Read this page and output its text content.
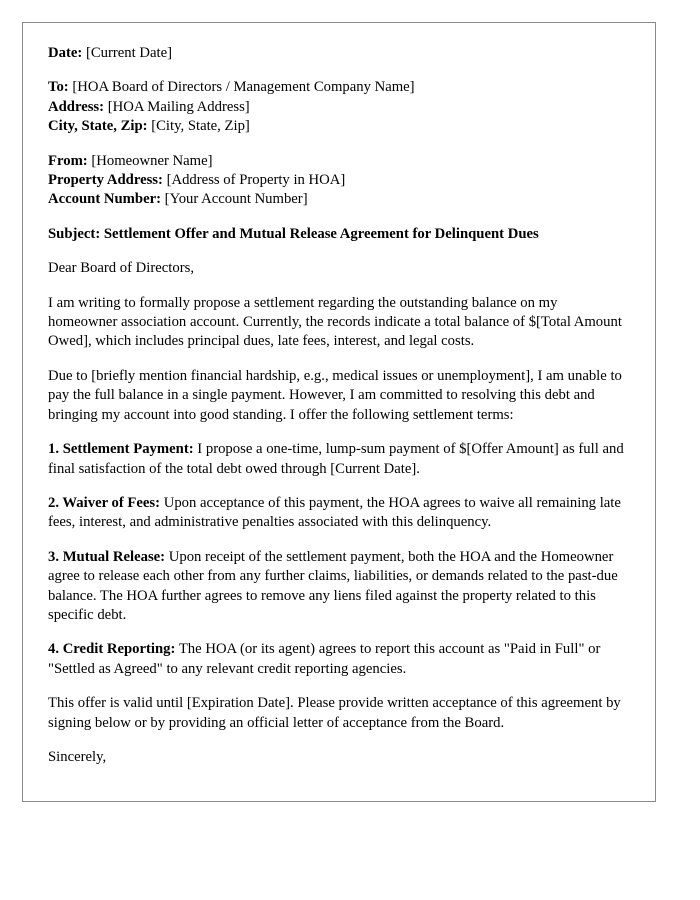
Date: [Current Date]
To: [HOA Board of Directors / Management Company Name]
Address: [HOA Mailing Address]
City, State, Zip: [City, State, Zip]
From: [Homeowner Name]
Property Address: [Address of Property in HOA]
Account Number: [Your Account Number]
Subject: Settlement Offer and Mutual Release Agreement for Delinquent Dues

Dear Board of Directors,

I am writing to formally propose a settlement regarding the outstanding balance on my homeowner association account. Currently, the records indicate a total balance of $[Total Amount Owed], which includes principal dues, late fees, interest, and legal costs.

Due to [briefly mention financial hardship, e.g., medical issues or unemployment], I am unable to pay the full balance in a single payment. However, I am committed to resolving this debt and bringing my account into good standing. I offer the following settlement terms:

1. Settlement Payment: I propose a one-time, lump-sum payment of $[Offer Amount] as full and final satisfaction of the total debt owed through [Current Date].

2. Waiver of Fees: Upon acceptance of this payment, the HOA agrees to waive all remaining late fees, interest, and administrative penalties associated with this delinquency.

3. Mutual Release: Upon receipt of the settlement payment, both the HOA and the Homeowner agree to release each other from any further claims, liabilities, or demands related to the past-due balance. The HOA further agrees to remove any liens filed against the property related to this specific debt.

4. Credit Reporting: The HOA (or its agent) agrees to report this account as "Paid in Full" or "Settled as Agreed" to any relevant credit reporting agencies.

This offer is valid until [Expiration Date]. Please provide written acceptance of this agreement by signing below or by providing an official letter of acceptance from the Board.

Sincerely,
